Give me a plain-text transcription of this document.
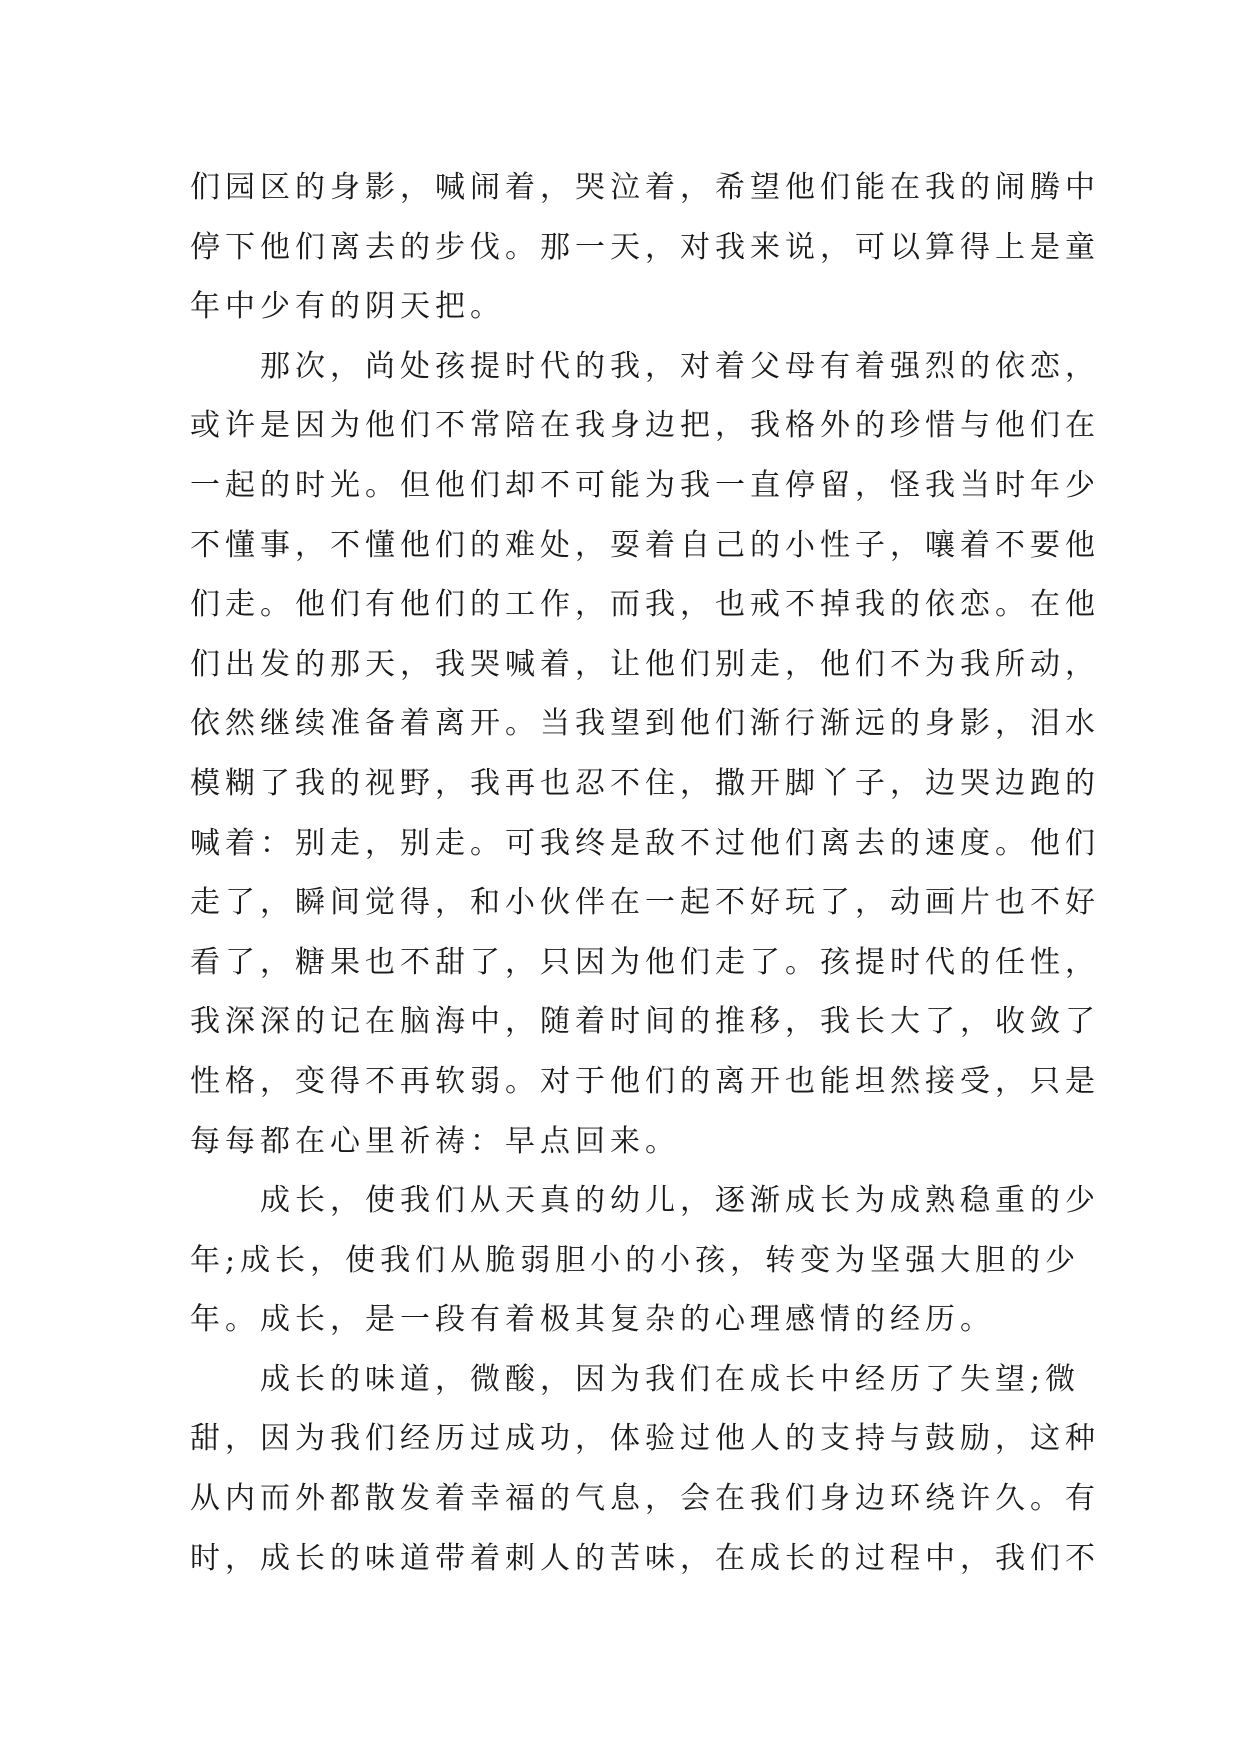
们园区的身影，喊闹着，哭泣着，希望他们能在我的闹腾中
停下他们离去的步伐。那一天，对我来说，可以算得上是童
年中少有的阴天把。
那次，尚处孩提时代的我，对着父母有着强烈的依恋，
或许是因为他们不常陪在我身边把，我格外的珍惜与他们在
一起的时光。但他们却不可能为我一直停留，怪我当时年少
不懂事，不懂他们的难处，耍着自己的小性子，嚷着不要他
们走。他们有他们的工作，而我，也戒不掉我的依恋。在他
们出发的那天，我哭喊着，让他们别走，他们不为我所动，
依然继续准备着离开。当我望到他们渐行渐远的身影，泪水
模糊了我的视野，我再也忍不住，撒开脚丫子，边哭边跑的
喊着：别走，别走。可我终是敌不过他们离去的速度。他们
走了，瞬间觉得，和小伙伴在一起不好玩了，动画片也不好
看了，糖果也不甜了，只因为他们走了。孩提时代的任性，
我深深的记在脑海中，随着时间的推移，我长大了，收敛了
性格，变得不再软弱。对于他们的离开也能坦然接受，只是
每每都在心里祈祷：早点回来。
成长，使我们从天真的幼儿，逐渐成长为成熟稳重的少
年;成长，使我们从脆弱胆小的小孩，转变为坚强大胆的少
年。成长，是一段有着极其复杂的心理感情的经历。
成长的味道，微酸，因为我们在成长中经历了失望;微
甜，因为我们经历过成功，体验过他人的支持与鼓励，这种
从内而外都散发着幸福的气息，会在我们身边环绕许久。有
时，成长的味道带着刺人的苦味，在成长的过程中，我们不
